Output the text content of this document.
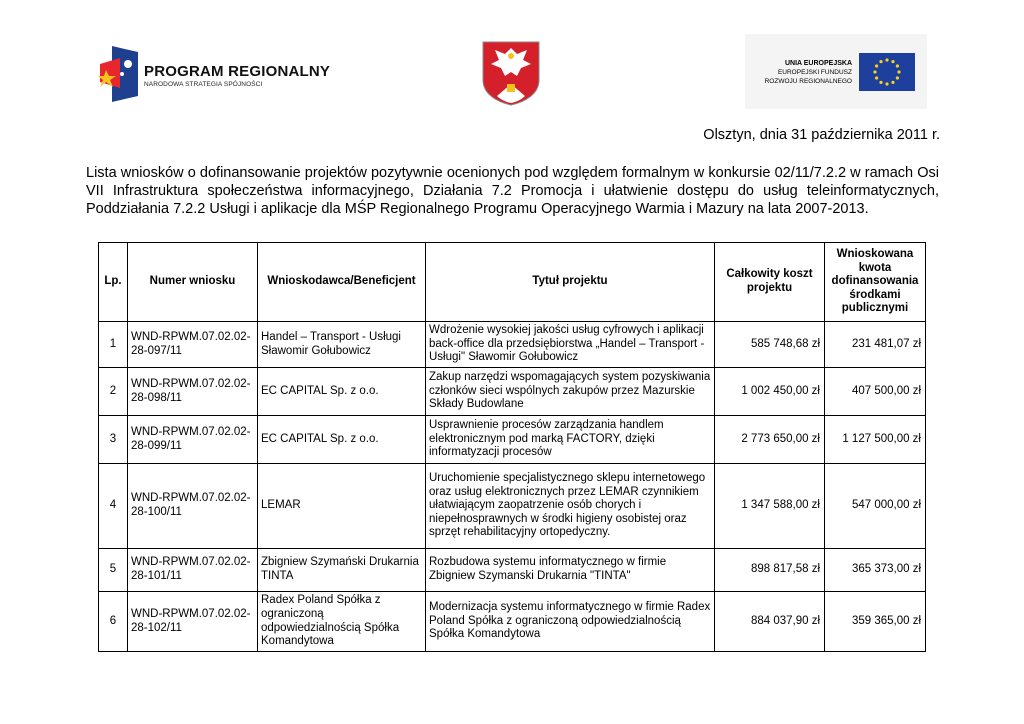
PROGRAM REGIONALNY
NARODOWA STRATEGIA SPÓJNOŚCI
UNIA EUROPEJSKA
EUROPEJSKI FUNDUSZ
ROZWOJU REGIONALNEGO
Olsztyn, dnia 31 października 2011 r.
Lista wniosków o dofinansowanie projektów pozytywnie ocenionych pod względem formalnym w konkursie 02/11/7.2.2 w ramach Osi VII Infrastruktura społeczeństwa informacyjnego, Działania 7.2 Promocja i ułatwienie dostępu do usług teleinformatycznych, Poddziałania 7.2.2 Usługi i aplikacje dla MŚP Regionalnego Programu Operacyjnego Warmia i Mazury na lata 2007-2013.
Lp.	Numer wniosku	Wnioskodawca/Beneficjent	Tytuł projektu	Całkowity koszt projektu	Wnioskowana kwota dofinansowania środkami publicznymi
1	WND-RPWM.07.02.02-28-097/11	Handel – Transport - Usługi Sławomir Gołubowicz	Wdrożenie wysokiej jakości usług cyfrowych i aplikacji back-office dla przedsiębiorstwa „Handel – Transport - Usługi" Sławomir Gołubowicz	585 748,68 zł	231 481,07 zł
2	WND-RPWM.07.02.02-28-098/11	EC CAPITAL Sp. z o.o.	Zakup narzędzi wspomagających system pozyskiwania członków sieci wspólnych zakupów przez Mazurskie Składy Budowlane	1 002 450,00 zł	407 500,00 zł
3	WND-RPWM.07.02.02-28-099/11	EC CAPITAL Sp. z o.o.	Usprawnienie procesów zarządzania handlem elektronicznym pod marką FACTORY, dzięki informatyzacji procesów	2 773 650,00 zł	1 127 500,00 zł
4	WND-RPWM.07.02.02-28-100/11	LEMAR	Uruchomienie specjalistycznego sklepu internetowego oraz usług elektronicznych przez LEMAR czynnikiem ułatwiającym zaopatrzenie osób chorych i niepełnosprawnych w środki higieny osobistej oraz sprzęt rehabilitacyjny ortopedyczny.	1 347 588,00 zł	547 000,00 zł
5	WND-RPWM.07.02.02-28-101/11	Zbigniew Szymański Drukarnia TINTA	Rozbudowa systemu informatycznego w firmie Zbigniew Szymanski Drukarnia "TINTA"	898 817,58 zł	365 373,00 zł
6	WND-RPWM.07.02.02-28-102/11	Radex Poland Spółka z ograniczoną odpowiedzialnością Spółka Komandytowa	Modernizacja systemu informatycznego w firmie Radex Poland Spółka z ograniczoną odpowiedzialnością Spółka Komandytowa	884 037,90 zł	359 365,00 zł
